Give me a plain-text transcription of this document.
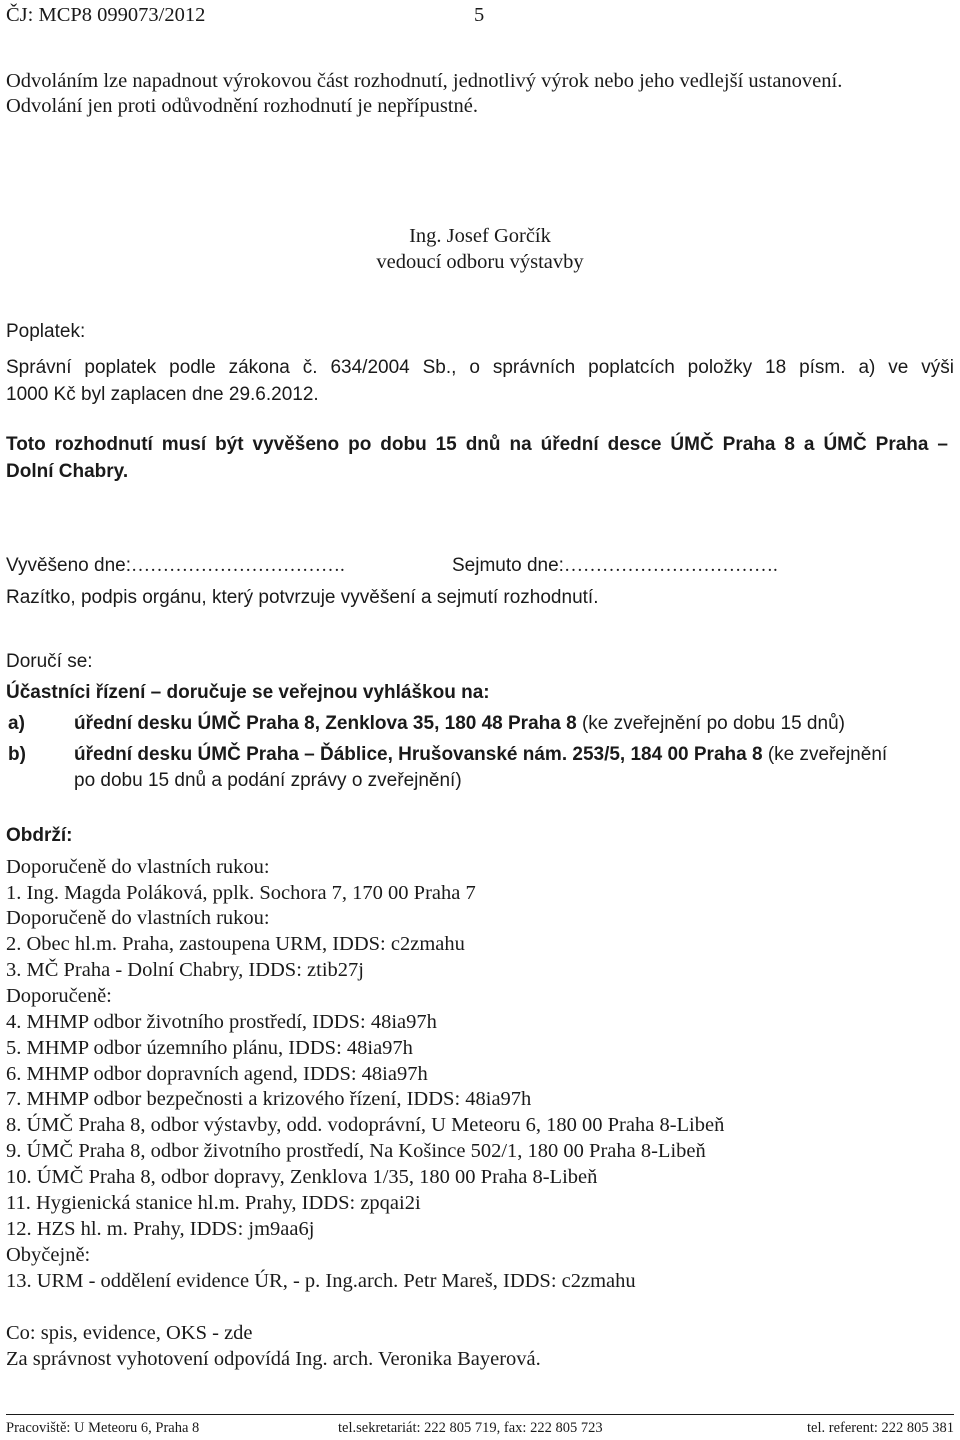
ČJ: MCP8 099073/2012	5
Odvoláním lze napadnout výrokovou část rozhodnutí, jednotlivý výrok nebo jeho vedlejší ustanovení.
Odvolání jen proti odůvodnění rozhodnutí je nepřípustné.
Ing. Josef Gorčík
vedoucí odboru výstavby
Poplatek:
Správní poplatek podle zákona č. 634/2004 Sb., o správních poplatcích položky 18 písm. a) ve výši
1000 Kč byl zaplacen dne 29.6.2012.
Toto rozhodnutí musí být vyvěšeno po dobu 15 dnů na úřední desce ÚMČ Praha 8 a ÚMČ Praha –
Dolní Chabry.
Vyvěšeno dne:…………………………….	Sejmuto dne:…………………………….
Razítko, podpis orgánu, který potvrzuje vyvěšení a sejmutí rozhodnutí.
Doručí se:
Účastníci řízení – doručuje se veřejnou vyhláškou na:
a)	úřední desku ÚMČ Praha 8, Zenklova 35, 180 48 Praha 8 (ke zveřejnění po dobu 15 dnů)
b)	úřední desku ÚMČ Praha – Ďáblice, Hrušovanské nám. 253/5, 184 00 Praha 8 (ke zveřejnění
po dobu 15 dnů a podání zprávy o zveřejnění)
Obdrží:
Doporučeně do vlastních rukou:
1. Ing. Magda Poláková, pplk. Sochora 7, 170 00 Praha 7
Doporučeně do vlastních rukou:
2. Obec hl.m. Praha, zastoupena URM, IDDS: c2zmahu
3. MČ Praha - Dolní Chabry, IDDS: ztib27j
Doporučeně:
4. MHMP odbor životního prostředí, IDDS: 48ia97h
5. MHMP odbor územního plánu, IDDS: 48ia97h
6. MHMP odbor dopravních agend, IDDS: 48ia97h
7. MHMP odbor bezpečnosti a krizového řízení, IDDS: 48ia97h
8. ÚMČ Praha 8, odbor výstavby, odd. vodoprávní, U Meteoru 6, 180 00 Praha 8-Libeň
9. ÚMČ Praha 8, odbor životního prostředí, Na Košince 502/1, 180 00 Praha 8-Libeň
10. ÚMČ Praha 8, odbor dopravy, Zenklova 1/35, 180 00 Praha 8-Libeň
11. Hygienická stanice hl.m. Prahy, IDDS: zpqai2i
12. HZS hl. m. Prahy, IDDS: jm9aa6j
Obyčejně:
13. URM - oddělení evidence ÚR, - p. Ing.arch. Petr Mareš, IDDS: c2zmahu
Co: spis, evidence, OKS - zde
Za správnost vyhotovení odpovídá Ing. arch. Veronika Bayerová.
Pracoviště: U Meteoru 6, Praha 8	tel.sekretariát: 222 805 719, fax: 222 805 723	tel. referent: 222 805 381
